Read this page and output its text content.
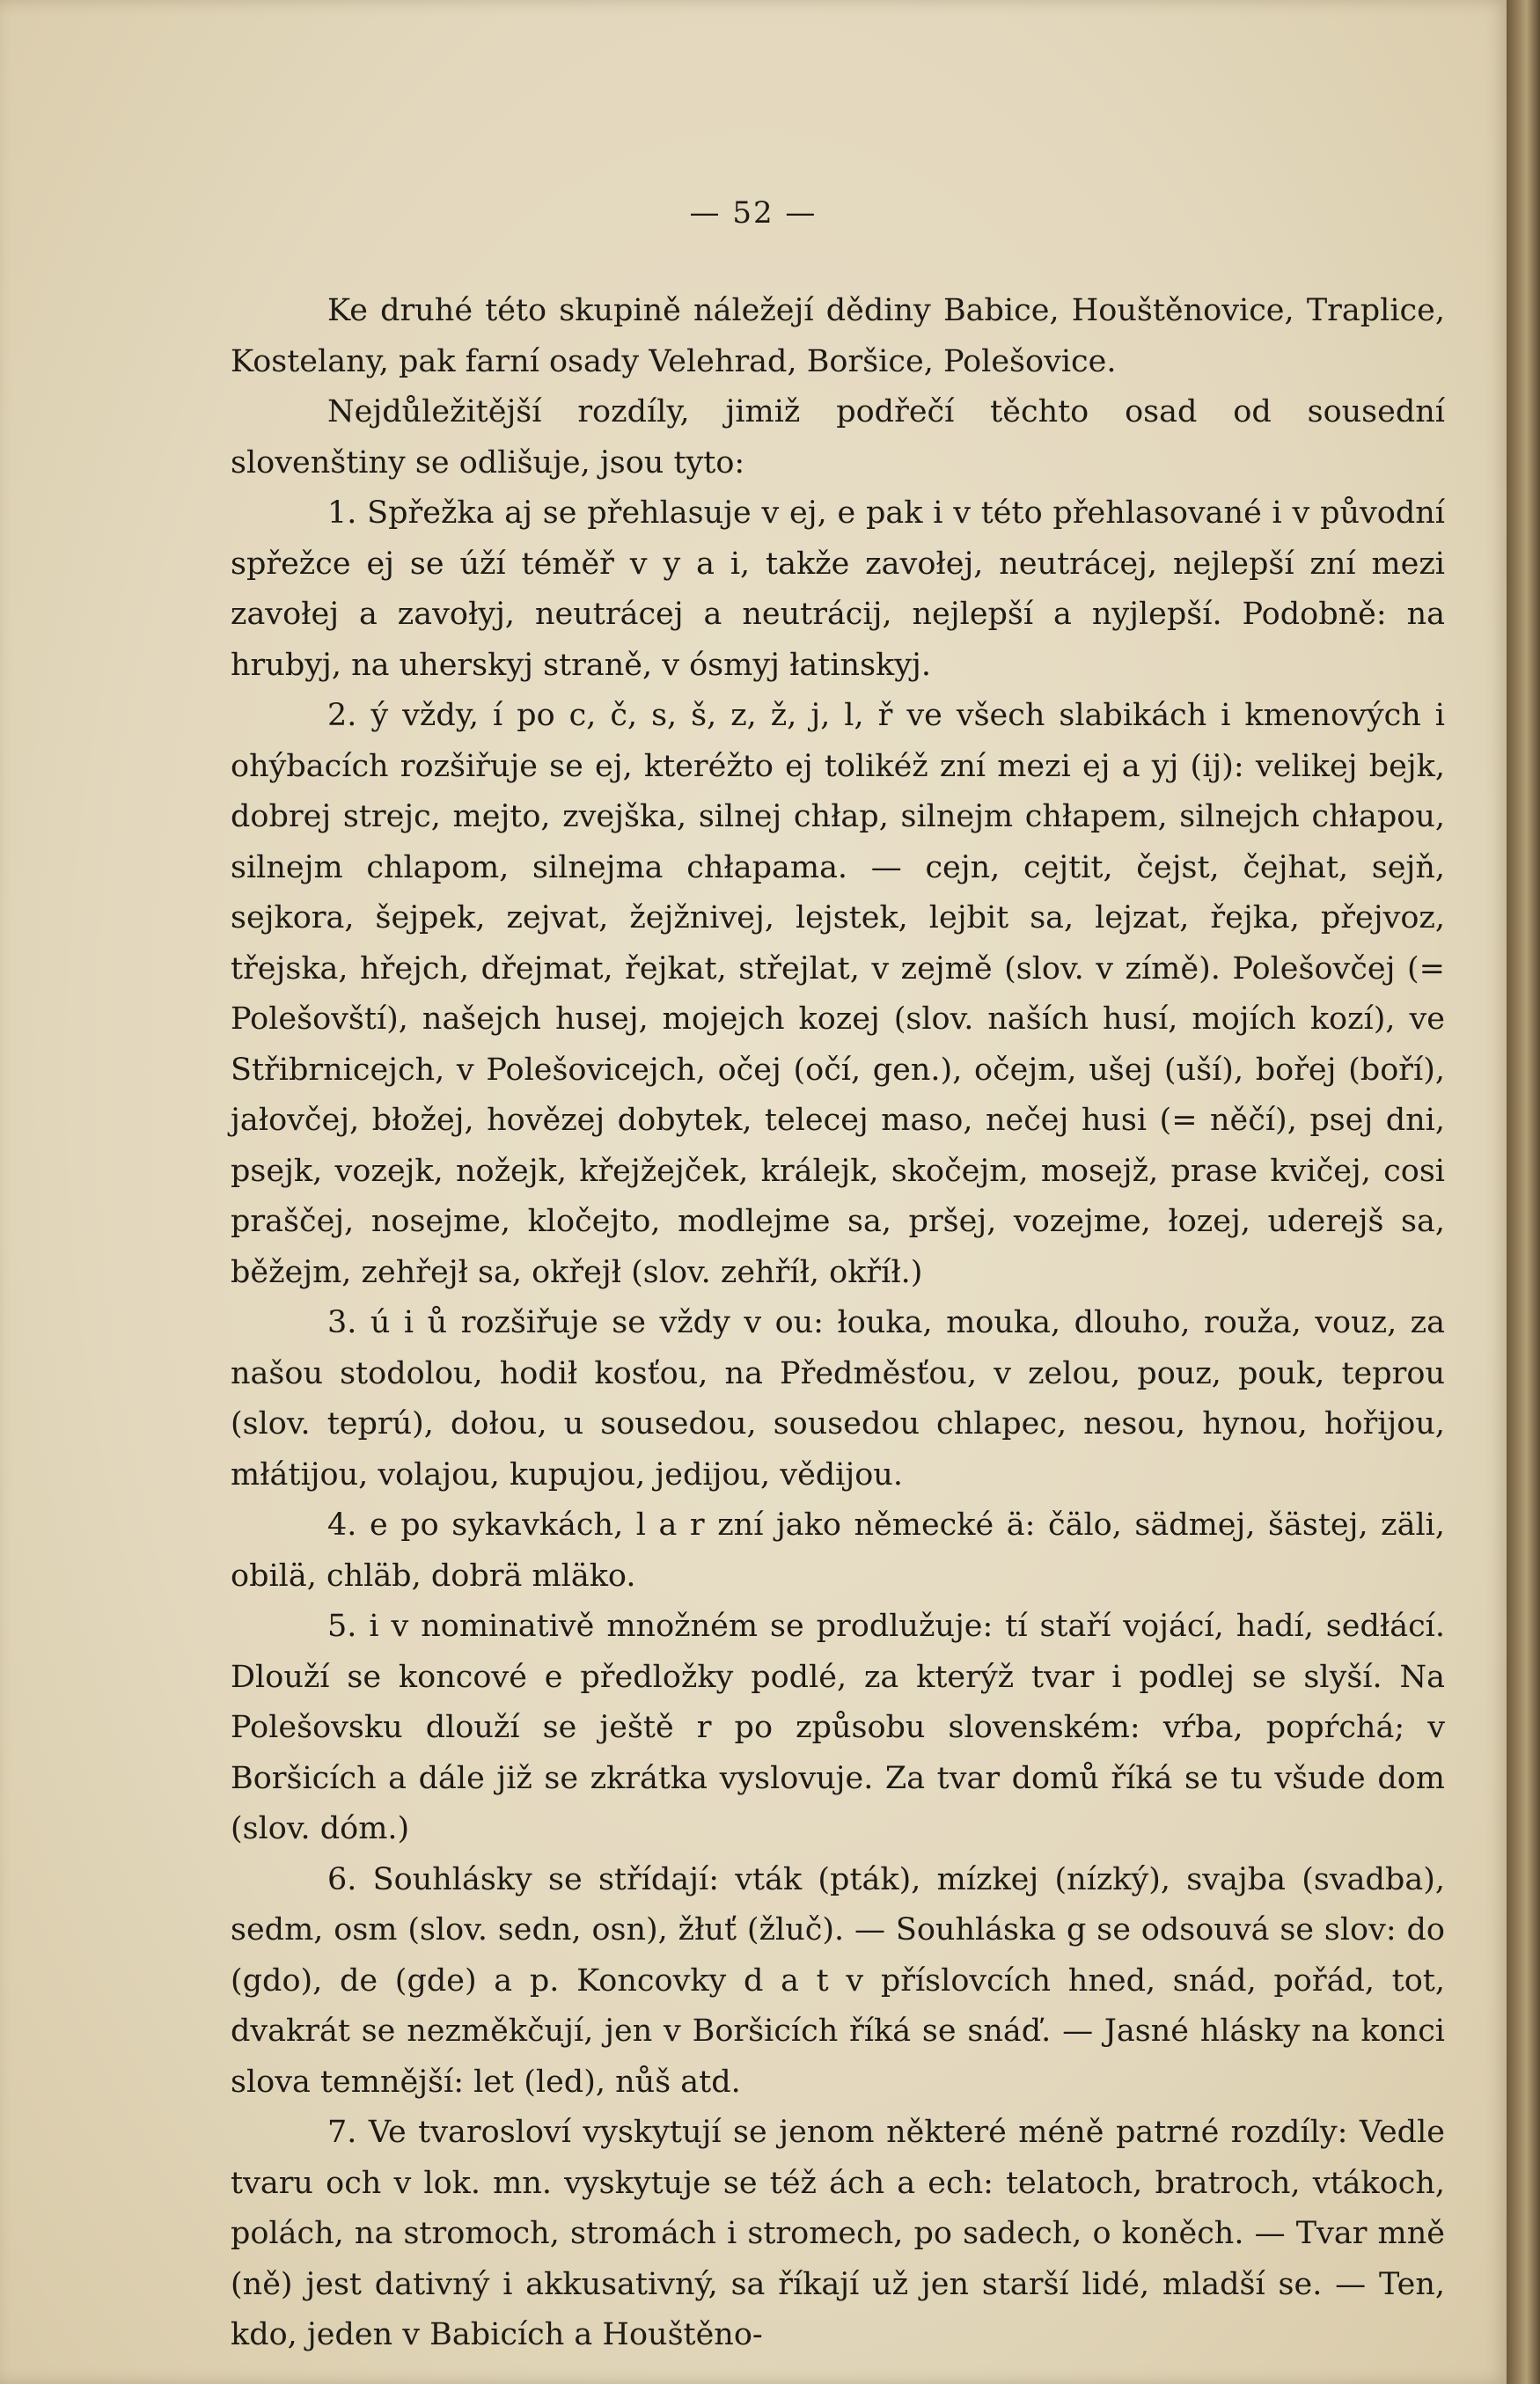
— 52 —

Ke druhé této skupině náležejí dědiny Babice, Houštěnovice, Traplice, Kostelany, pak farní osady Velehrad, Boršice, Polešovice.

Nejdůležitější rozdíly, jimiž podřečí těchto osad od sousední slovenštiny se odlišuje, jsou tyto:

1. Spřežka aj se přehlasuje v ej, e pak i v této přehlasované i v původní spřežce ej se úží téměř v y a i, takže zavołej, neutrácej, nejlepší zní mezi zavołej a zavołyj, neutrácej a neutrácij, nejlepší a nyjlepší. Podobně: na hrubyj, na uherskyj straně, v ósmyj łatinskyj.

2. ý vždy, í po c, č, s, š, z, ž, j, l, ř ve všech slabikách i kmenových i ohýbacích rozšiřuje se ej, kteréžto ej tolikéž zní mezi ej a yj (ij): velikej bejk, dobrej strejc, mejto, zvejška, silnej chłap, silnejm chłapem, silnejch chłapou, silnejm chlapom, silnejma chłapama. — cejn, cejtit, čejst, čejhat, sejň, sejkora, šejpek, zejvat, žejžnivej, lejstek, lejbit sa, lejzat, řejka, přejvoz, třejska, hřejch, dřejmat, řejkat, střejlat, v zejmě (slov. v zímě). Polešovčej (= Polešovští), našejch husej, mojejch kozej (slov. naších husí, mojích kozí), ve Střibrnicejch, v Polešovicejch, očej (očí, gen.), očejm, ušej (uší), bořej (boří), jałovčej, błožej, hovězej dobytek, telecej maso, nečej husi (= něčí), psej dni, psejk, vozejk, nožejk, křejžejček, králejk, skočejm, mosejž, prase kvičej, cosi praščej, nosejme, kločejto, modlejme sa, pršej, vozejme, łozej, uderejš sa, běžejm, zehřejł sa, okřejł (slov. zehříł, okříł.)

3. ú i ů rozšiřuje se vždy v ou: łouka, mouka, dlouho, rouža, vouz, za našou stodolou, hodił kosťou, na Předměsťou, v zelou, pouz, pouk, teprou (slov. teprú), dołou, u sousedou, sousedou chlapec, nesou, hynou, hořijou, młátijou, volajou, kupujou, jedijou, vědijou.

4. e po sykavkách, l a r zní jako německé ä: čälo, sädmej, šästej, zäli, obilä, chläb, dobrä mläko.

5. i v nominativě množném se prodlužuje: tí staří vojácí, hadí, sedłácí. Dlouží se koncové e předložky podlé, za kterýž tvar i podlej se slyší. Na Polešovsku dlouží se ještě r po způsobu slovenském: vŕba, popŕchá; v Boršicích a dále již se zkrátka vyslovuje. Za tvar domů říká se tu všude dom (slov. dóm.)

6. Souhlásky se střídají: vták (pták), mízkej (nízký), svajba (svadba), sedm, osm (slov. sedn, osn), žłuť (žluč). — Souhláska g se odsouvá se slov: do (gdo), de (gde) a p. Koncovky d a t v příslovcích hned, snád, pořád, tot, dvakrát se nezměkčují, jen v Boršicích říká se snáď. — Jasné hlásky na konci slova temnější: let (led), nůš atd.

7. Ve tvarosloví vyskytují se jenom některé méně patrné rozdíly: Vedle tvaru och v lok. mn. vyskytuje se též ách a ech: telatoch, bratroch, vtákoch, polách, na stromoch, stromách i stromech, po sadech, o koněch. — Tvar mně (ně) jest dativný i akkusativný, sa říkají už jen starší lidé, mladší se. — Ten, kdo, jeden v Babicích a Houštěno-
